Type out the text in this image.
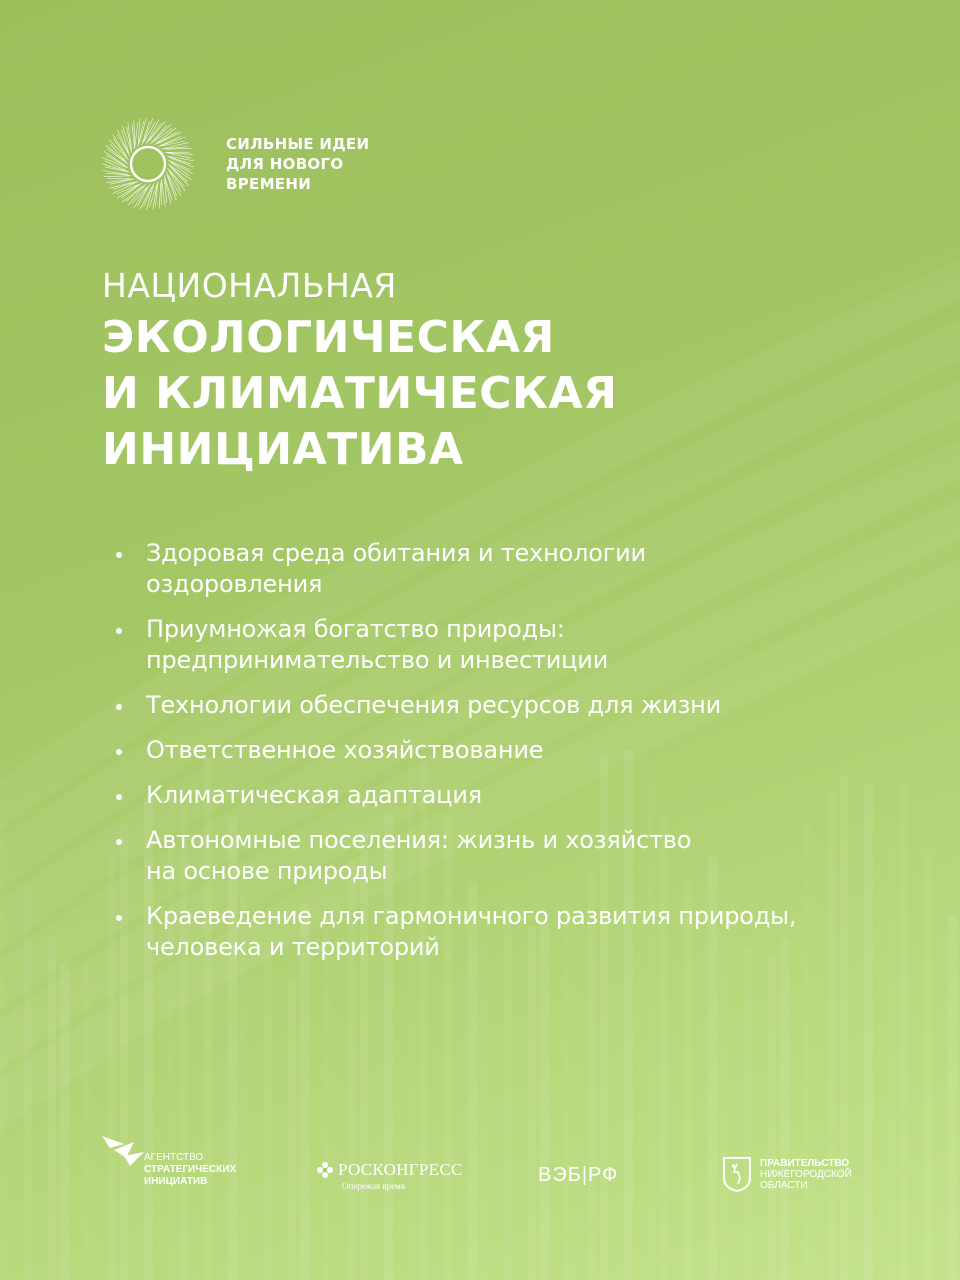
СИЛЬНЫЕ ИДЕИ
ДЛЯ НОВОГО
ВРЕМЕНИ
НАЦИОНАЛЬНАЯ
ЭКОЛОГИЧЕСКАЯ
И КЛИМАТИЧЕСКАЯ
ИНИЦИАТИВА
Здоровая среда обитания и технологии
оздоровления
Приумножая богатство природы:
предпринимательство и инвестиции
Технологии обеспечения ресурсов для жизни
Ответственное хозяйствование
Климатическая адаптация
Автономные поселения: жизнь и хозяйство
на основе природы
Краеведение для гармоничного развития природы,
человека и территорий
АГЕНТСТВО
СТРАТЕГИЧЕСКИХ
ИНИЦИАТИВ
РОСКОНГРЕСС
Опережая время	ВЭБ|РФ
ПРАВИТЕЛЬСТВО
НИЖЕГОРОДСКОЙ
ОБЛАСТИ
